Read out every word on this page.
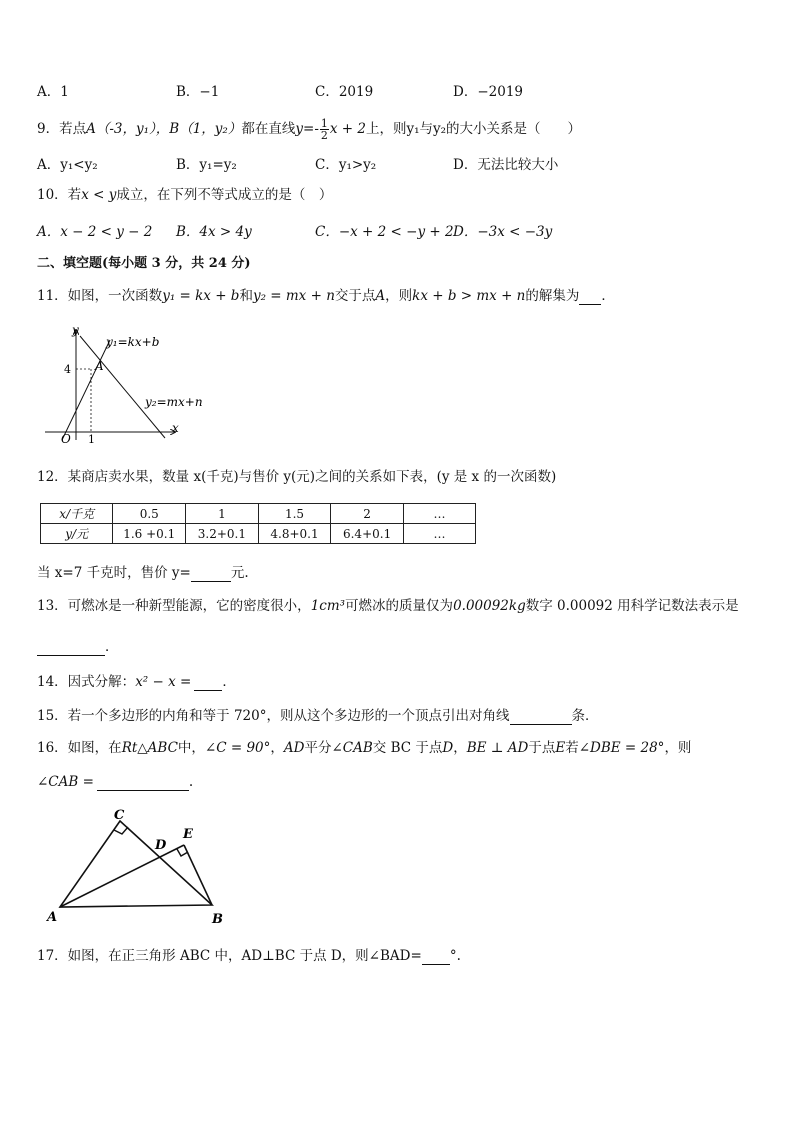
A．1	B．−1	C．2019	D．−2019
9．若点A（-3，y₁），B（1，y₂）都在直线$y=- \frac{1}{2}$ x + 2上，则y₁与y₂的大小关系是（　　）
A．y₁<y₂	B．y₁=y₂	C．y₁>y₂	D．无法比较大小
10．若x < y成立，在下列不等式成立的是（　）
A．x − 2 < y − 2 B．4x > 4y	C．−x + 2 < −y + 2 D．−3x < −3y
二、填空题(每小题 3 分，共 24 分)
11．如图，一次函数y₁ = kx + b和y₂ = mx + n交于点A，则kx + b > mx + n的解集为 ．
y
x
O 1
4 A
y₁=kx+b
y₂=mx+n
12．某商店卖水果，数量 x(千克)与售价 y(元)之间的关系如下表，(y 是 x 的一次函数)
x/千克	0.5	1	1.5	2	…
y/元	1.6 +0.1	3.2+0.1	4.8+0.1	6.4+0.1	…
当 x=7 千克时，售价 y=	元.
13．可燃冰是一种新型能源，它的密度很小，1cm³可燃冰的质量仅为0.00092kg数字 0.00092 用科学记数法表示是
．
14．因式分解：x² − x = ．
15．若一个多边形的内角和等于 720°，则从这个多边形的一个顶点引出对角线	条．
16．如图，在Rt△ABC中，∠C = 90°，AD平分∠CAB交 BC 于点D，BE ⊥ AD于点E若∠DBE = 28°，则
∠CAB =	.
A	B
C
D
E
17．如图，在正三角形 ABC 中，AD⊥BC 于点 D，则∠BAD= °.
